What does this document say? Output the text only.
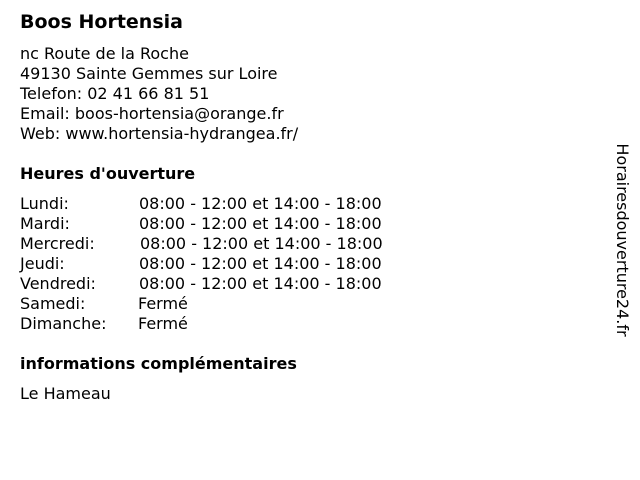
Boos Hortensia
nc Route de la Roche
49130 Sainte Gemmes sur Loire
Telefon: 02 41 66 81 51
Email: boos-hortensia@orange.fr
Web: www.hortensia-hydrangea.fr/
Heures d'ouverture
Lundi:	08:00 - 12:00 et 14:00 - 18:00
Mardi:	08:00 - 12:00 et 14:00 - 18:00
Mercredi:	08:00 - 12:00 et 14:00 - 18:00
Jeudi:	08:00 - 12:00 et 14:00 - 18:00
Vendredi:	08:00 - 12:00 et 14:00 - 18:00
Samedi:	Fermé
Dimanche: Fermé
informations complémentaires
Le Hameau
Horairesdouverture24.fr
